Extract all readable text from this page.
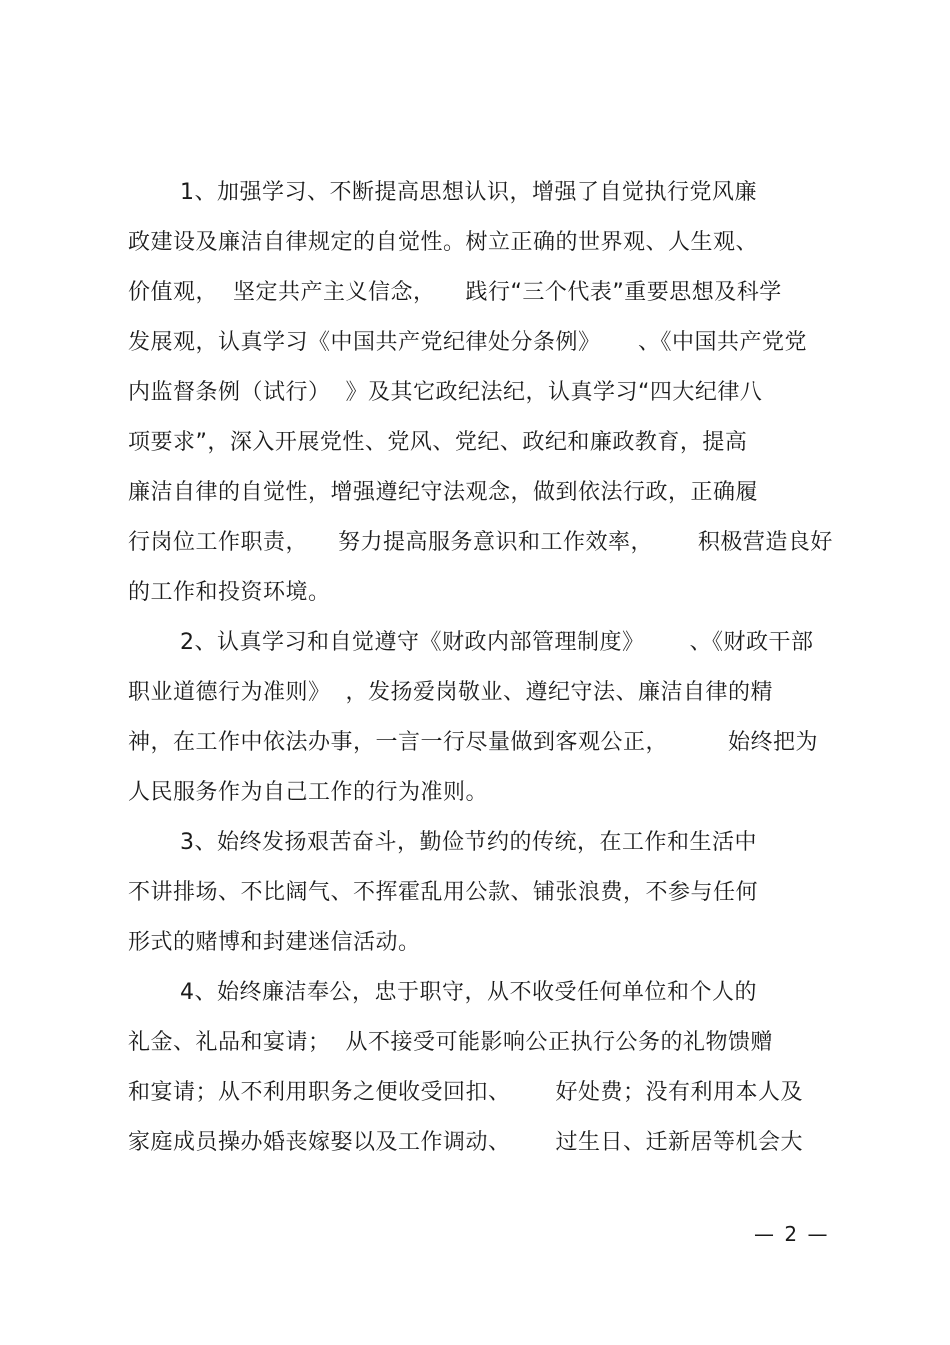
1、加强学习、不断提高思想认识，增强了自觉执行党风廉
政建设及廉洁自律规定的自觉性。树立正确的世界观、人生观、
价值观，  坚定共产主义信念，    践行“三个代表”重要思想及科学
发展观，认真学习《中国共产党纪律处分条例》     、《中国共产党党
内监督条例（试行）  》及其它政纪法纪，认真学习“四大纪律八
项要求”，深入开展党性、党风、党纪、政纪和廉政教育，提高
廉洁自律的自觉性，增强遵纪守法观念，做到依法行政，正确履
行岗位工作职责，    努力提高服务意识和工作效率，      积极营造良好
的工作和投资环境。
2、认真学习和自觉遵守《财政内部管理制度》      、《财政干部
职业道德行为准则》  ，发扬爱岗敬业、遵纪守法、廉洁自律的精
神，在工作中依法办事，一言一行尽量做到客观公正，        始终把为
人民服务作为自己工作的行为准则。
3、始终发扬艰苦奋斗，勤俭节约的传统，在工作和生活中
不讲排场、不比阔气、不挥霍乱用公款、铺张浪费，不参与任何
形式的赌博和封建迷信活动。
4、始终廉洁奉公，忠于职守，从不收受任何单位和个人的
礼金、礼品和宴请；  从不接受可能影响公正执行公务的礼物馈赠
和宴请；从不利用职务之便收受回扣、      好处费；没有利用本人及
家庭成员操办婚丧嫁娶以及工作调动、      过生日、迁新居等机会大
— 2 —
